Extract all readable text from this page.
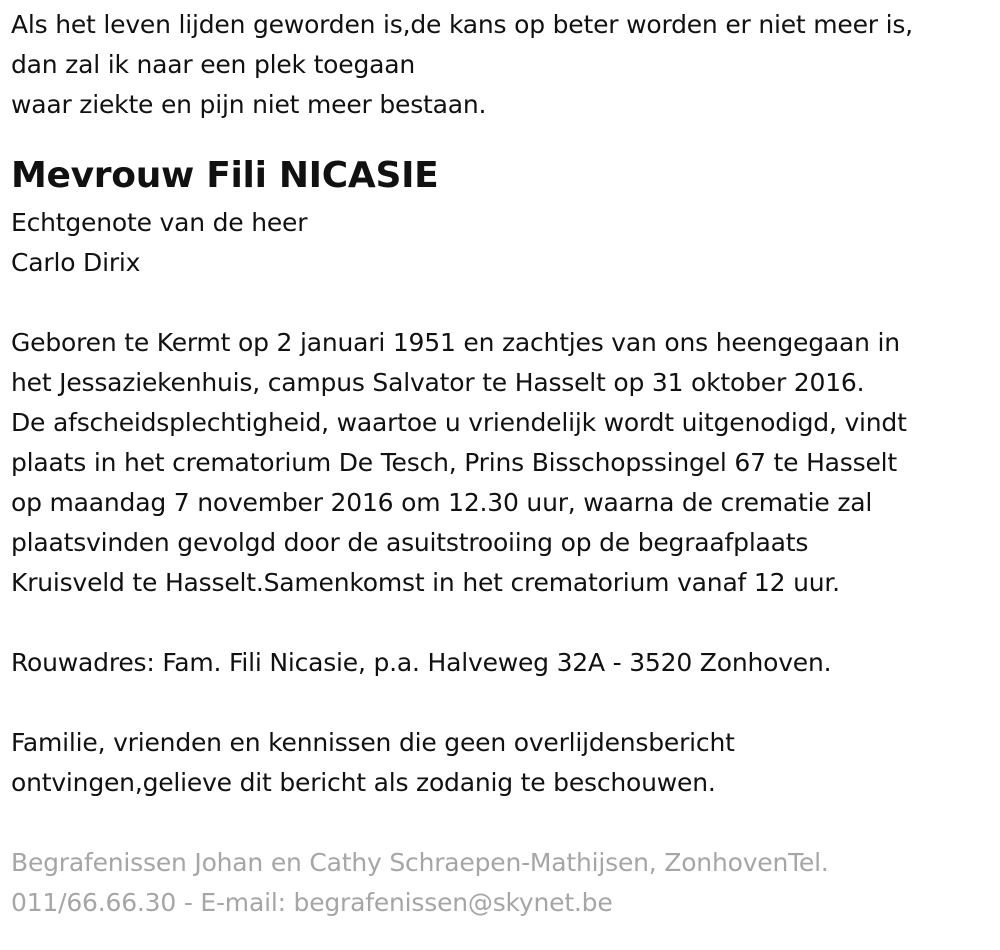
Als het leven lijden geworden is,de kans op beter worden er niet meer is,
dan zal ik naar een plek toegaan
waar ziekte en pijn niet meer bestaan.
Mevrouw Fili NICASIE
Echtgenote van de heer
Carlo Dirix
Geboren te Kermt op 2 januari 1951 en zachtjes van ons heengegaan in
het Jessaziekenhuis, campus Salvator te Hasselt op 31 oktober 2016.
De afscheidsplechtigheid, waartoe u vriendelijk wordt uitgenodigd, vindt
plaats in het crematorium De Tesch, Prins Bisschopssingel 67 te Hasselt
op maandag 7 november 2016 om 12.30 uur, waarna de crematie zal
plaatsvinden gevolgd door de asuitstrooiing op de begraafplaats
Kruisveld te Hasselt.Samenkomst in het crematorium vanaf 12 uur.
Rouwadres: Fam. Fili Nicasie, p.a. Halveweg 32A - 3520 Zonhoven.
Familie, vrienden en kennissen die geen overlijdensbericht
ontvingen,gelieve dit bericht als zodanig te beschouwen.
Begrafenissen Johan en Cathy Schraepen-Mathijsen, ZonhovenTel.
011/66.66.30 - E-mail: begrafenissen@skynet.be
